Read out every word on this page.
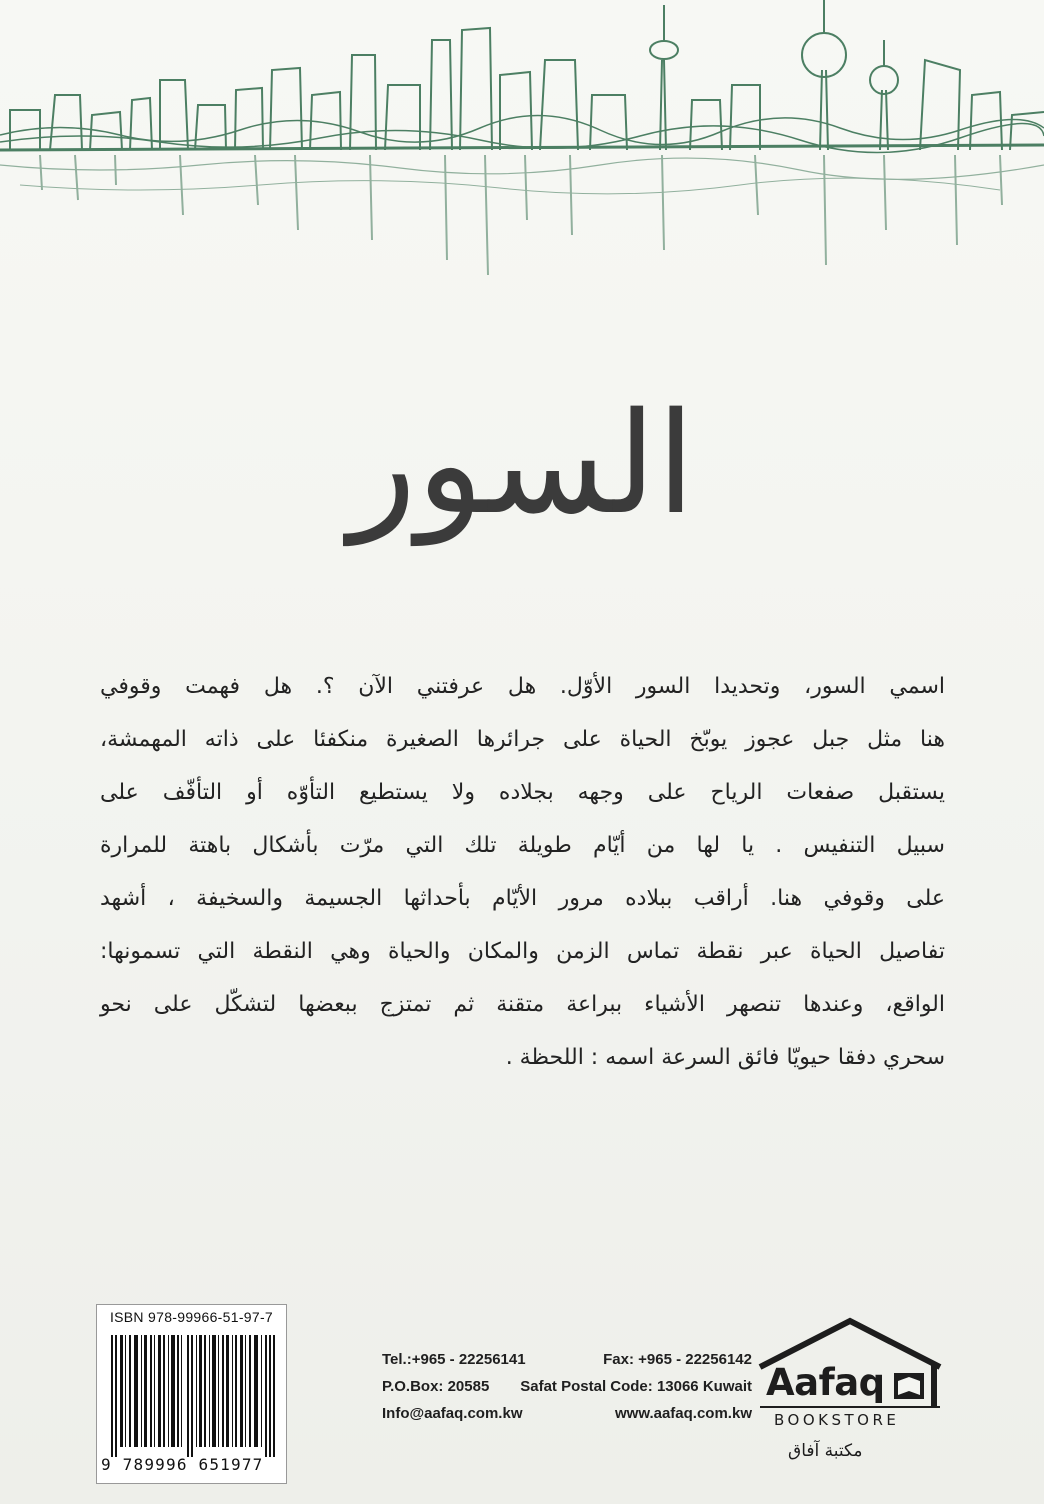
السور
اسمي السور، وتحديدا السور الأوّل. هل عرفتني الآن ؟. هل فهمت وقوفي
هنا مثل جبل عجوز يوبّخ الحياة على جرائرها الصغيرة منكفئا على ذاته المهمشة،
يستقبل صفعات الرياح على وجهه بجلاده ولا يستطيع التأوّه أو التأفّف على
سبيل التنفيس . يا لها من أيّام طويلة تلك التي مرّت بأشكال باهتة للمرارة
على وقوفي هنا. أراقب ببلاده مرور الأيّام بأحداثها الجسيمة والسخيفة ، أشهد
تفاصيل الحياة عبر نقطة تماس الزمن والمكان والحياة وهي النقطة التي تسمونها:
الواقع، وعندها تنصهر الأشياء ببراعة متقنة ثم تمتزج ببعضها لتشكّل على نحو
سحري دفقا حيويّا فائق السرعة اسمه : اللحظة .
ISBN 978-99966-51-97-7
9 789996 651977
Tel.:+965 - 22256141	Fax: +965 - 22256142
P.O.Box: 20585 Safat Postal Code: 13066 Kuwait
Info@aafaq.com.kw	www.aafaq.com.kw
Aafaq
BOOKSTORE
مكتبة آفاق
